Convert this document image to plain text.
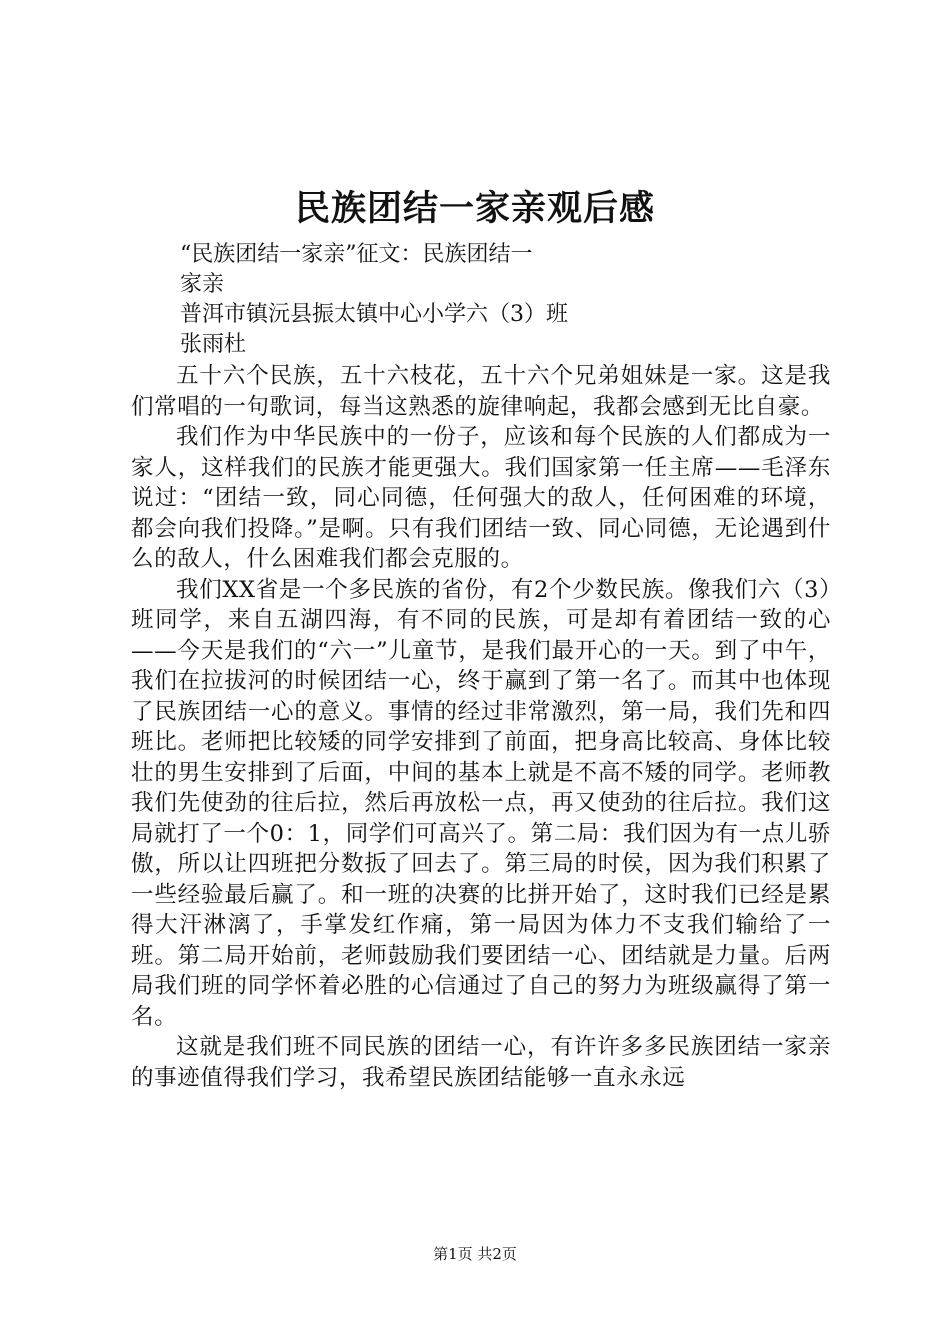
民族团结一家亲观后感
“民族团结一家亲”征文：民族团结一
家亲
普洱市镇沅县振太镇中心小学六（3）班
张雨杜

五十六个民族，五十六枝花，五十六个兄弟姐妹是一家。这是我们常唱的一句歌词，每当这熟悉的旋律响起，我都会感到无比自豪。

我们作为中华民族中的一份子，应该和每个民族的人们都成为一家人，这样我们的民族才能更强大。我们国家第一任主席——毛泽东说过：“团结一致，同心同德，任何强大的敌人，任何困难的环境，都会向我们投降。”是啊。只有我们团结一致、同心同德，无论遇到什么的敌人，什么困难我们都会克服的。

我们XX省是一个多民族的省份，有2个少数民族。像我们六（3）班同学，来自五湖四海，有不同的民族，可是却有着团结一致的心——今天是我们的“六一”儿童节，是我们最开心的一天。到了中午，我们在拉拔河的时候团结一心，终于赢到了第一名了。而其中也体现了民族团结一心的意义。事情的经过非常激烈，第一局，我们先和四班比。老师把比较矮的同学安排到了前面，把身高比较高、身体比较壮的男生安排到了后面，中间的基本上就是不高不矮的同学。老师教我们先使劲的往后拉，然后再放松一点，再又使劲的往后拉。我们这局就打了一个0：1，同学们可高兴了。第二局：我们因为有一点儿骄傲，所以让四班把分数扳了回去了。第三局的时侯，因为我们积累了一些经验最后赢了。和一班的决赛的比拼开始了，这时我们已经是累得大汗淋漓了，手掌发红作痛，第一局因为体力不支我们输给了一班。第二局开始前，老师鼓励我们要团结一心、团结就是力量。后两局我们班的同学怀着必胜的心信通过了自己的努力为班级赢得了第一名。

这就是我们班不同民族的团结一心，有许许多多民族团结一家亲的事迹值得我们学习，我希望民族团结能够一直永永远

第1页 共2页
